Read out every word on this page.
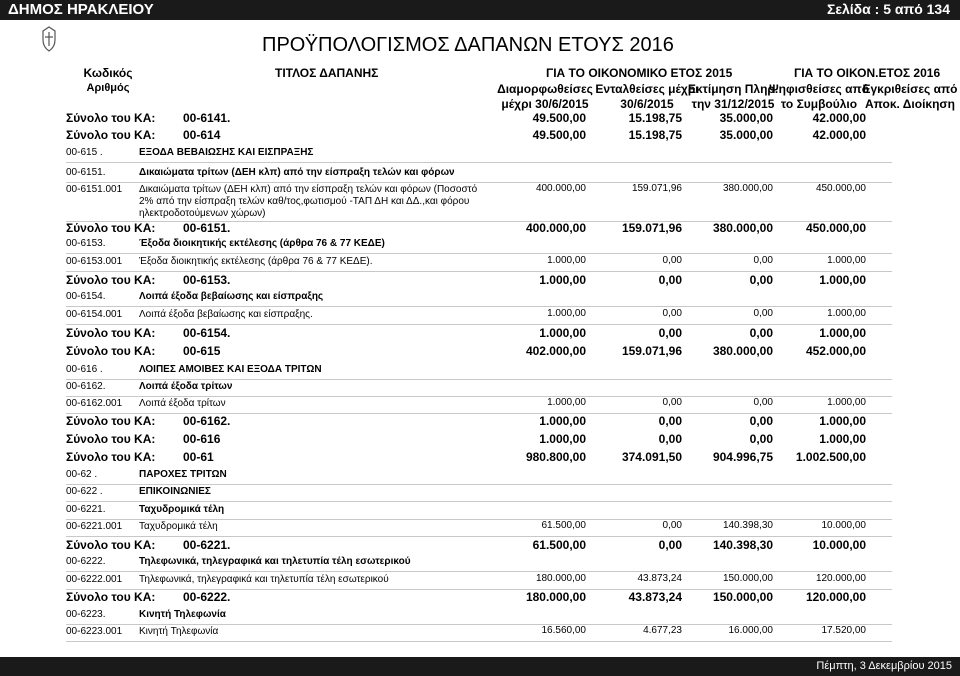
ΔΗΜΟΣ ΗΡΑΚΛΕΙΟΥ	Σελίδα : 5 από 134
ΠΡΟΫΠΟΛΟΓΙΣΜΟΣ ΔΑΠΑΝΩΝ ΕΤΟΥΣ 2016
Κωδικός
Αριθμός
ΤΙΤΛΟΣ ΔΑΠΑΝΗΣ	ΓΙΑ ΤΟ ΟΙΚΟΝΟΜΙΚΟ ΕΤΟΣ 2015	ΓΙΑ ΤΟ ΟΙΚΟΝ.ΕΤΟΣ 2016
Διαμορφωθείσες
μέχρι 30/6/2015
Ενταλθείσες μέχρι
30/6/2015
Εκτίμηση Πληρ.
την 31/12/2015
Ψηφισθείσες από
το Συμβούλιο
Εγκριθείσες από
Αποκ. Διοίκηση
Σύνολο του ΚΑ: 00-6141.	49.500,00	15.198,75	35.000,00	42.000,00
Σύνολο του ΚΑ: 00-614	49.500,00	15.198,75	35.000,00	42.000,00
00-615 .	ΕΞΟΔΑ ΒΕΒΑΙΩΣΗΣ ΚΑΙ ΕΙΣΠΡΑΞΗΣ
00-6151.	Δικαιώματα τρίτων (ΔΕΗ κλπ) από την είσπραξη τελών και φόρων
00-6151.001 Δικαιώματα τρίτων (ΔΕΗ κλπ) από την είσπραξη τελών και φόρων (Ποσοστό
2% από την είσπραξη τελών καθ/τος,φωτισμού -ΤΑΠ ΔΗ και ΔΔ.,και φόρου
ηλεκτροδοτούμενων χώρων)
400.000,00	159.071,96	380.000,00	450.000,00
Σύνολο του ΚΑ: 00-6151.	400.000,00	159.071,96	380.000,00	450.000,00
00-6153.	Έξοδα διοικητικής εκτέλεσης (άρθρα 76 & 77 ΚΕΔΕ)
00-6153.001 Έξοδα διοικητικής εκτέλεσης (άρθρα 76 & 77 ΚΕΔΕ).	1.000,00	0,00	0,00	1.000,00
Σύνολο του ΚΑ: 00-6153.	1.000,00	0,00	0,00	1.000,00
00-6154.	Λοιπά έξοδα βεβαίωσης και είσπραξης
00-6154.001 Λοιπά έξοδα βεβαίωσης και είσπραξης.	1.000,00	0,00	0,00	1.000,00
Σύνολο του ΚΑ: 00-6154.	1.000,00	0,00	0,00	1.000,00
Σύνολο του ΚΑ: 00-615	402.000,00	159.071,96	380.000,00	452.000,00
00-616 .	ΛΟΙΠΕΣ ΑΜΟΙΒΕΣ ΚΑΙ ΕΞΟΔΑ ΤΡΙΤΩΝ
00-6162.	Λοιπά έξοδα τρίτων
00-6162.001 Λοιπά έξοδα τρίτων	1.000,00	0,00	0,00	1.000,00
Σύνολο του ΚΑ: 00-6162.	1.000,00	0,00	0,00	1.000,00
Σύνολο του ΚΑ: 00-616	1.000,00	0,00	0,00	1.000,00
Σύνολο του ΚΑ: 00-61	980.800,00	374.091,50	904.996,75	1.002.500,00
00-62 .	ΠΑΡΟΧΕΣ ΤΡΙΤΩΝ
00-622 .	ΕΠΙΚΟΙΝΩΝΙΕΣ
00-6221.	Ταχυδρομικά τέλη
00-6221.001 Ταχυδρομικά τέλη	61.500,00	0,00	140.398,30	10.000,00
Σύνολο του ΚΑ: 00-6221.	61.500,00	0,00	140.398,30	10.000,00
00-6222.	Τηλεφωνικά, τηλεγραφικά και τηλετυπία τέλη εσωτερικού
00-6222.001 Τηλεφωνικά, τηλεγραφικά και τηλετυπία τέλη εσωτερικού	180.000,00	43.873,24	150.000,00	120.000,00
Σύνολο του ΚΑ: 00-6222.	180.000,00	43.873,24	150.000,00	120.000,00
00-6223.	Κινητή Τηλεφωνία
00-6223.001 Κινητή Τηλεφωνία	16.560,00	4.677,23	16.000,00	17.520,00
Πέμπτη, 3 Δεκεμβρίου 2015
